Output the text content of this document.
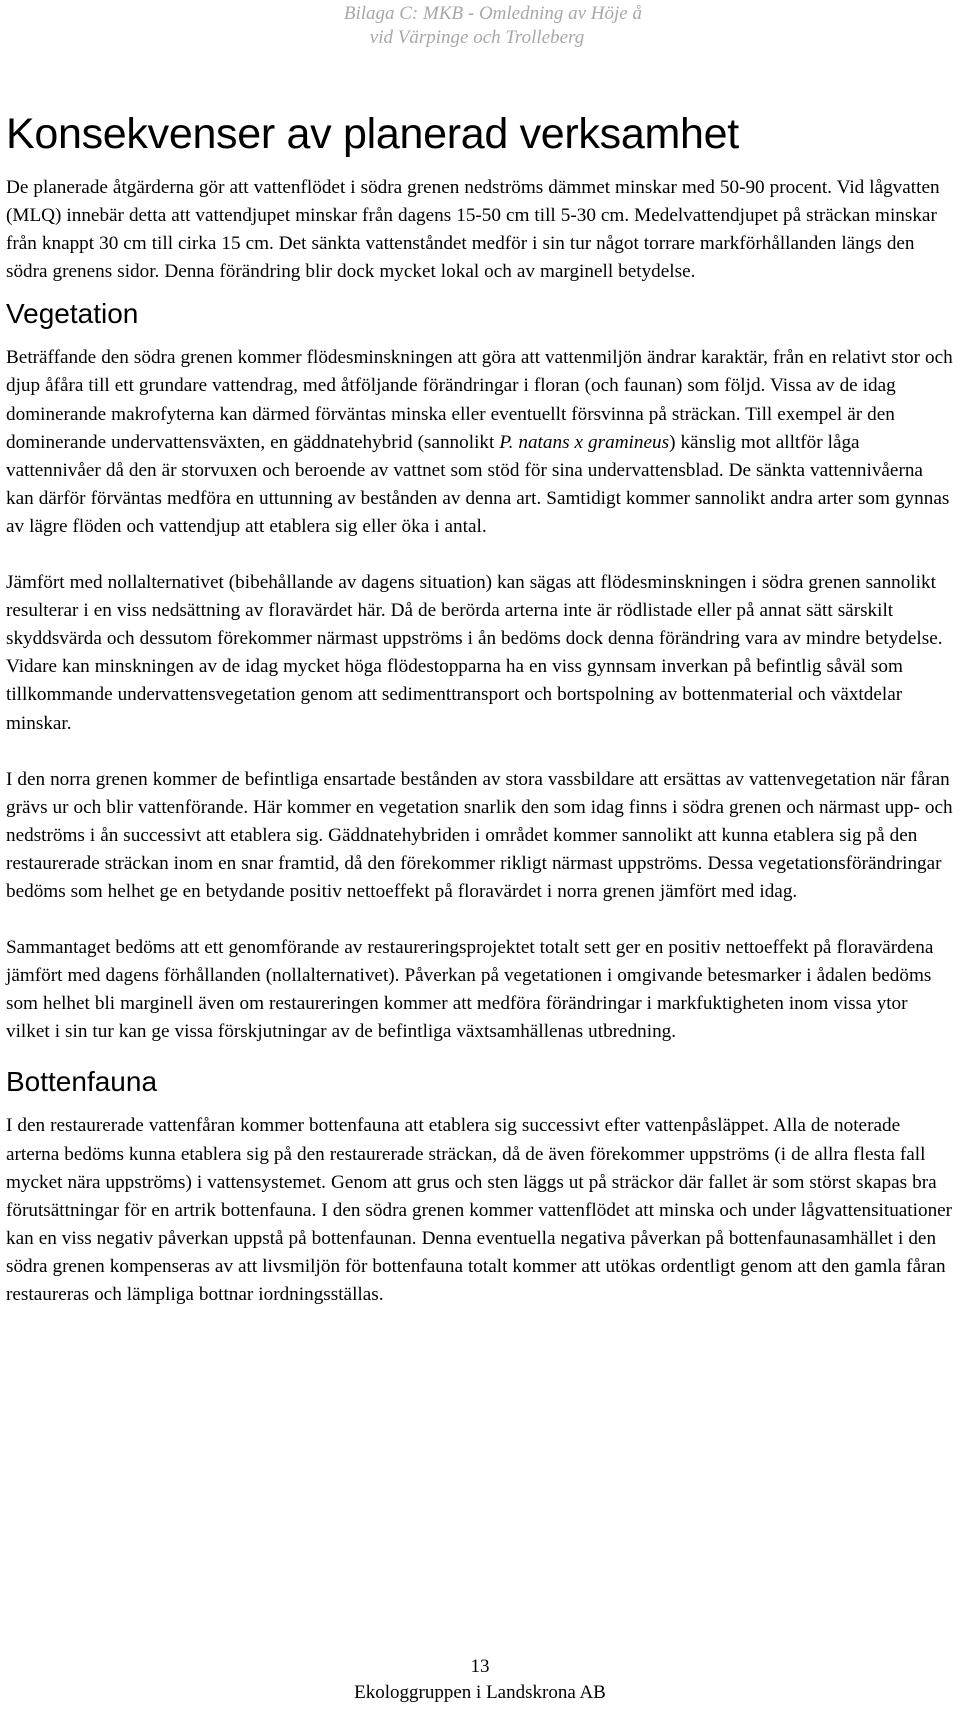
Bilaga C: MKB - Omledning av Höje å
vid Värpinge och Trolleberg
Konsekvenser av planerad verksamhet

De planerade åtgärderna gör att vattenflödet i södra grenen nedströms dämmet minskar med 50-90 procent. Vid lågvatten (MLQ) innebär detta att vattendjupet minskar från dagens 15-50 cm till 5-30 cm. Medelvattendjupet på sträckan minskar från knappt 30 cm till cirka 15 cm. Det sänkta vattenståndet medför i sin tur något torrare markförhållanden längs den södra grenens sidor. Denna förändring blir dock mycket lokal och av marginell betydelse.

Vegetation

Beträffande den södra grenen kommer flödesminskningen att göra att vattenmiljön ändrar karaktär, från en relativt stor och djup åfåra till ett grundare vattendrag, med åtföljande förändringar i floran (och faunan) som följd. Vissa av de idag dominerande makrofyterna kan därmed förväntas minska eller eventuellt försvinna på sträckan. Till exempel är den dominerande undervattensväxten, en gäddnatehybrid (sannolikt P. natans x gramineus) känslig mot alltför låga vattennivåer då den är storvuxen och beroende av vattnet som stöd för sina undervattensblad. De sänkta vattennivåerna kan därför förväntas medföra en uttunning av bestånden av denna art. Samtidigt kommer sannolikt andra arter som gynnas av lägre flöden och vattendjup att etablera sig eller öka i antal.

Jämfört med nollalternativet (bibehållande av dagens situation) kan sägas att flödesminskningen i södra grenen sannolikt resulterar i en viss nedsättning av floravärdet här. Då de berörda arterna inte är rödlistade eller på annat sätt särskilt skyddsvärda och dessutom förekommer närmast uppströms i ån bedöms dock denna förändring vara av mindre betydelse. Vidare kan minskningen av de idag mycket höga flödestopparna ha en viss gynnsam inverkan på befintlig såväl som tillkommande undervattensvegetation genom att sedimenttransport och bortspolning av bottenmaterial och växtdelar minskar.

I den norra grenen kommer de befintliga ensartade bestånden av stora vassbildare att ersättas av vattenvegetation när fåran grävs ur och blir vattenförande. Här kommer en vegetation snarlik den som idag finns i södra grenen och närmast upp- och nedströms i ån successivt att etablera sig. Gäddnatehybriden i området kommer sannolikt att kunna etablera sig på den restaurerade sträckan inom en snar framtid, då den förekommer rikligt närmast uppströms. Dessa vegetationsförändringar bedöms som helhet ge en betydande positiv nettoeffekt på floravärdet i norra grenen jämfört med idag.

Sammantaget bedöms att ett genomförande av restaureringsprojektet totalt sett ger en positiv nettoeffekt på floravärdena jämfört med dagens förhållanden (nollalternativet). Påverkan på vegetationen i omgivande betesmarker i ådalen bedöms som helhet bli marginell även om restaureringen kommer att medföra förändringar i markfuktigheten inom vissa ytor vilket i sin tur kan ge vissa förskjutningar av de befintliga växtsamhällenas utbredning.

Bottenfauna

I den restaurerade vattenfåran kommer bottenfauna att etablera sig successivt efter vattenpåsläppet. Alla de noterade arterna bedöms kunna etablera sig på den restaurerade sträckan, då de även förekommer uppströms (i de allra flesta fall mycket nära uppströms) i vattensystemet. Genom att grus och sten läggs ut på sträckor där fallet är som störst skapas bra förutsättningar för en artrik bottenfauna. I den södra grenen kommer vattenflödet att minska och under lågvattensituationer kan en viss negativ påverkan uppstå på bottenfaunan. Denna eventuella negativa påverkan på bottenfaunasamhället i den södra grenen kompenseras av att livsmiljön för bottenfauna totalt kommer att utökas ordentligt genom att den gamla fåran restaureras och lämpliga bottnar iordningsställas.

13
Ekologgruppen i Landskrona AB
